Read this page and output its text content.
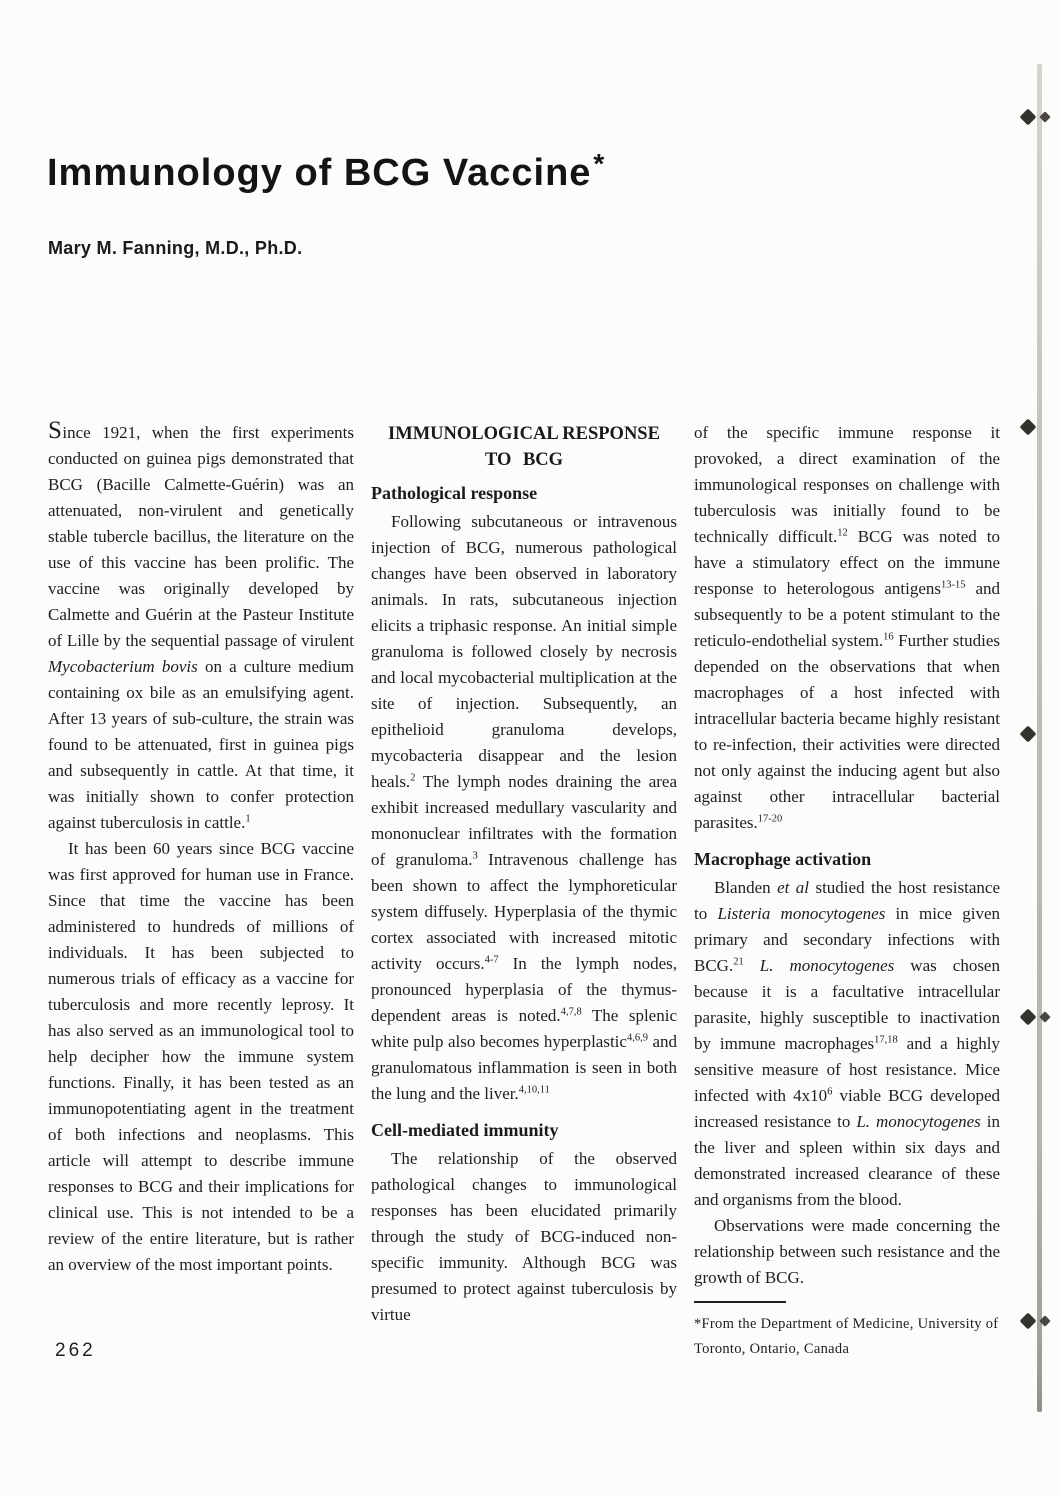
Immunology of BCG Vaccine*
Mary M. Fanning, M.D., Ph.D.

Since 1921, when the first experiments conducted on guinea pigs demonstrated that BCG (Bacille Calmette-Guérin) was an attenuated, non-virulent and genetically stable tubercle bacillus, the literature on the use of this vaccine has been prolific. The vaccine was originally developed by Calmette and Guérin at the Pasteur Institute of Lille by the sequential passage of virulent Mycobacterium bovis on a culture medium containing ox bile as an emulsifying agent. After 13 years of sub-culture, the strain was found to be attenuated, first in guinea pigs and subsequently in cattle. At that time, it was initially shown to confer protection against tuberculosis in cattle.$^1$

It has been 60 years since BCG vaccine was first approved for human use in France. Since that time the vaccine has been administered to hundreds of millions of individuals. It has been subjected to numerous trials of efficacy as a vaccine for tuberculosis and more recently leprosy. It has also served as an immunological tool to help decipher how the immune system functions. Finally, it has been tested as an immunopotentiating agent in the treatment of both infections and neoplasms. This article will attempt to describe immune responses to BCG and their implications for clinical use. This is not intended to be a review of the entire literature, but is rather an overview of the most important points.

IMMUNOLOGICAL RESPONSE
TO BCG
Pathological response

Following subcutaneous or intravenous injection of BCG, numerous pathological changes have been observed in laboratory animals. In rats, subcutaneous injection elicits a triphasic response. An initial simple granuloma is followed closely by necrosis and local mycobacterial multiplication at the site of injection. Subsequently, an epithelioid granuloma develops, mycobacteria disappear and the lesion heals.$^2$ The lymph nodes draining the area exhibit increased medullary vascularity and mononuclear infiltrates with the formation of granuloma.$^3$ Intravenous challenge has been shown to affect the lymphoreticular system diffusely. Hyperplasia of the thymic cortex associated with increased mitotic activity occurs.$^{4-7}$ In the lymph nodes, pronounced hyperplasia of the thymus-dependent areas is noted.$^{4,7,8}$ The splenic white pulp also becomes hyperplastic$^{4,6,9}$ and granulomatous inflammation is seen in both the lung and the liver.$^{4,10,11}$

Cell-mediated immunity

The relationship of the observed pathological changes to immunological responses has been elucidated primarily through the study of BCG-induced non-specific immunity. Although BCG was presumed to protect against tuberculosis by virtue

of the specific immune response it provoked, a direct examination of the immunological responses on challenge with tuberculosis was initially found to be technically difficult.$^{12}$ BCG was noted to have a stimulatory effect on the immune response to heterologous antigens$^{13-15}$ and subsequently to be a potent stimulant to the reticulo-endothelial system.$^{16}$ Further studies depended on the observations that when macrophages of a host infected with intracellular bacteria became highly resistant to re-infection, their activities were directed not only against the inducing agent but also against other intracellular bacterial parasites.$^{17-20}$

Macrophage activation

Blanden et al studied the host resistance to Listeria monocytogenes in mice given primary and secondary infections with BCG.$^{21}$ L. monocytogenes was chosen because it is a facultative intracellular parasite, highly susceptible to inactivation by immune macrophages$^{17,18}$ and a highly sensitive measure of host resistance. Mice infected with $4x10^6$ viable BCG developed increased resistance to L. monocytogenes in the liver and spleen within six days and demonstrated increased clearance of these and organisms from the blood.

Observations were made concerning the relationship between such resistance and the growth of BCG.

*From the Department of Medicine, University of Toronto, Ontario, Canada

262
